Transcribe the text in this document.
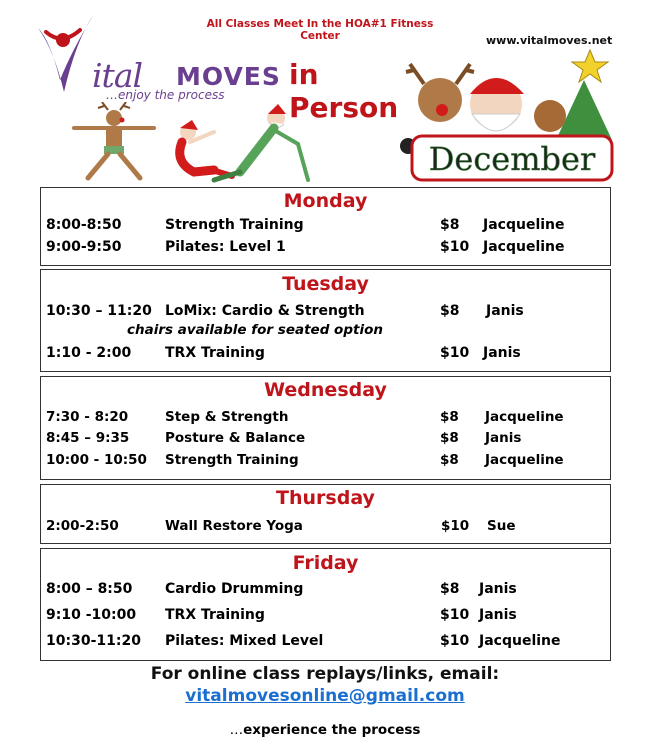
All Classes Meet In the HOA#1 Fitness Center	www.vitalmoves.net
ital MOVES in Person
…enjoy the process
December
Monday
8:00-8:50	Strength Training	$8 Jacqueline
9:00-9:50	Pilates: Level 1	$10 Jacqueline
Tuesday
10:30 – 11:20 LoMix: Cardio & Strength	$8 Janis
chairs available for seated option
1:10 - 2:00 TRX Training	$10 Janis
Wednesday
7:30 - 8:20	Step & Strength	$8 Jacqueline
8:45 – 9:35	Posture & Balance	$8 Janis
10:00 - 10:50 Strength Training	$8 Jacqueline
Thursday
2:00-2:50	Wall Restore Yoga	$10 Sue
Friday
8:00 – 8:50 Cardio Drumming	$8 Janis
9:10 -10:00 TRX Training	$10 Janis
10:30-11:20 Pilates: Mixed Level	$10 Jacqueline
For online class replays/links, email:
vitalmovesonline@gmail.com
…experience the process
